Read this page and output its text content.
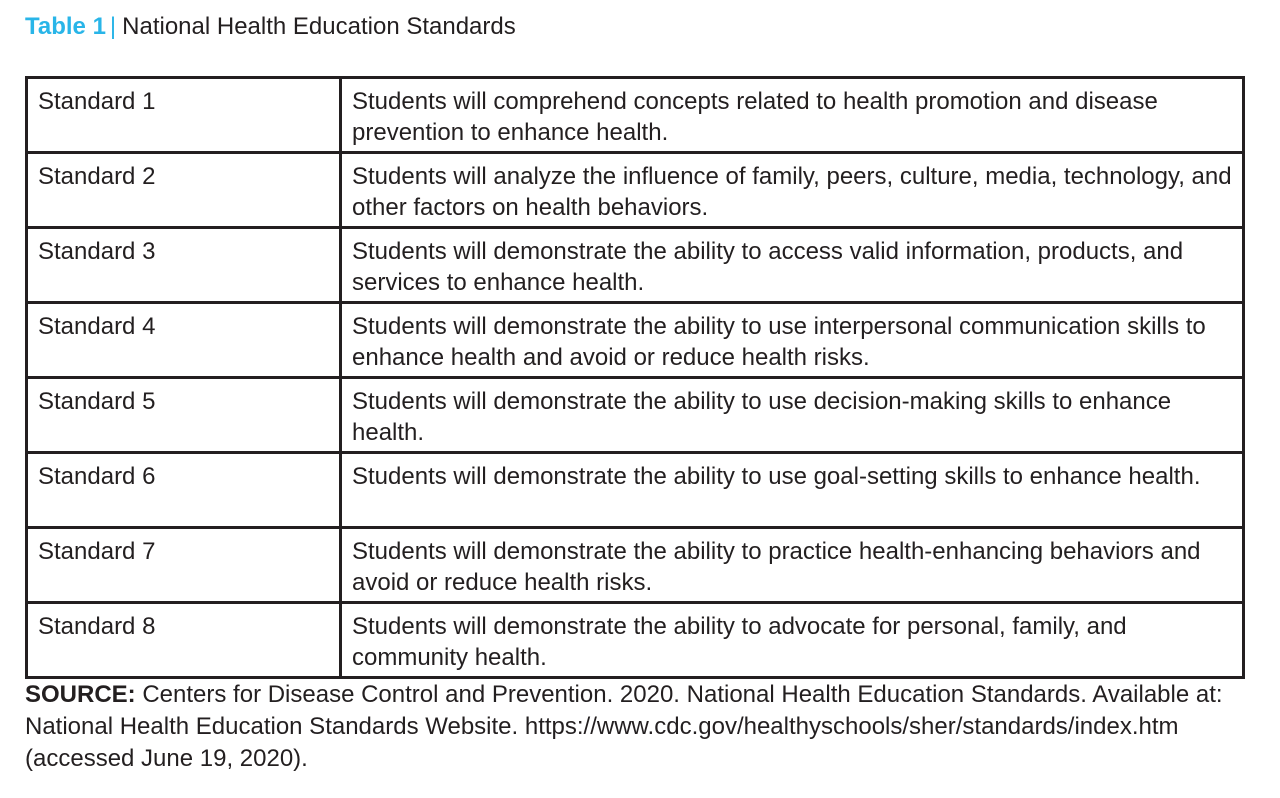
Table 1 | National Health Education Standards
Standard 1	Students will comprehend concepts related to health promotion and disease prevention to enhance health.
Standard 2	Students will analyze the influence of family, peers, culture, media, technology, and other factors on health behaviors.
Standard 3	Students will demonstrate the ability to access valid information, products, and services to enhance health.
Standard 4	Students will demonstrate the ability to use interpersonal communication skills to enhance health and avoid or reduce health risks.
Standard 5	Students will demonstrate the ability to use decision-making skills to enhance health.
Standard 6	Students will demonstrate the ability to use goal-setting skills to enhance health.
Standard 7	Students will demonstrate the ability to practice health-enhancing behaviors and avoid or reduce health risks.
Standard 8	Students will demonstrate the ability to advocate for personal, family, and community health.
SOURCE: Centers for Disease Control and Prevention. 2020. National Health Education Standards. Available at: National Health Education Standards Website. https://www.cdc.gov/healthyschools/sher/standards/index.htm (accessed June 19, 2020).
